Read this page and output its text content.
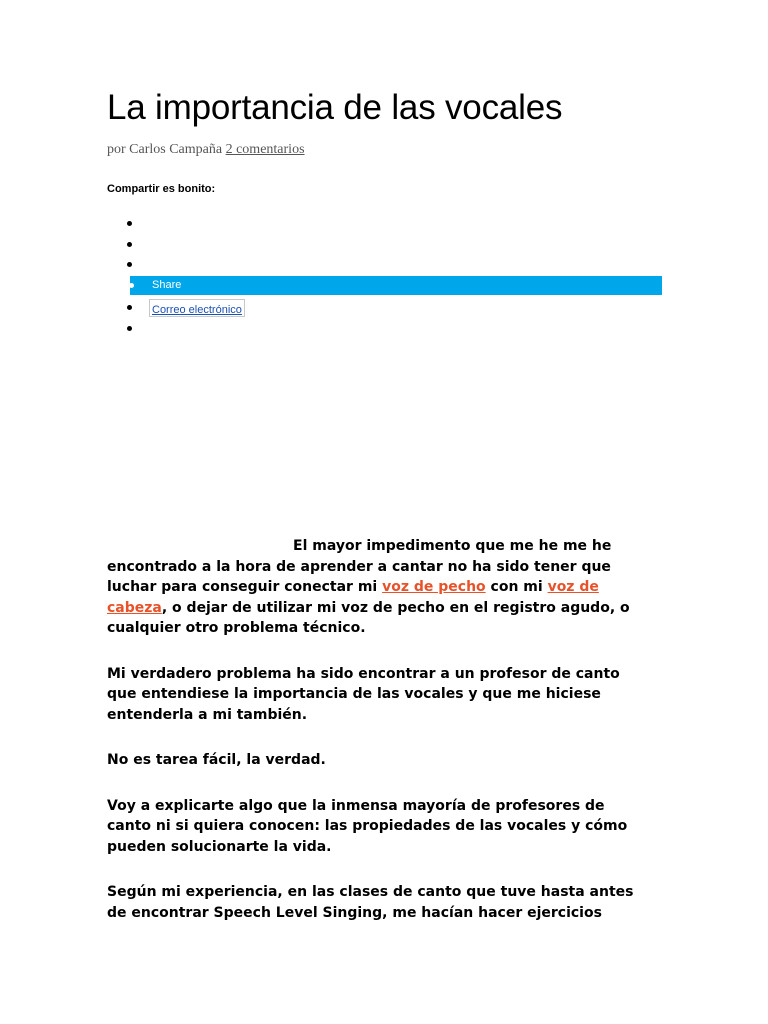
La importancia de las vocales
por Carlos Campaña 2 comentarios
Compartir es bonito:
Share
Correo electrónico

El mayor impedimento que me he me he
encontrado a la hora de aprender a cantar no ha sido tener que
luchar para conseguir conectar mi voz de pecho con mi voz de
cabeza, o dejar de utilizar mi voz de pecho en el registro agudo, o
cualquier otro problema técnico.

Mi verdadero problema ha sido encontrar a un profesor de canto
que entendiese la importancia de las vocales y que me hiciese
entenderla a mi también.

No es tarea fácil, la verdad.

Voy a explicarte algo que la inmensa mayoría de profesores de
canto ni si quiera conocen: las propiedades de las vocales y cómo
pueden solucionarte la vida.

Según mi experiencia, en las clases de canto que tuve hasta antes
de encontrar Speech Level Singing, me hacían hacer ejercicios
